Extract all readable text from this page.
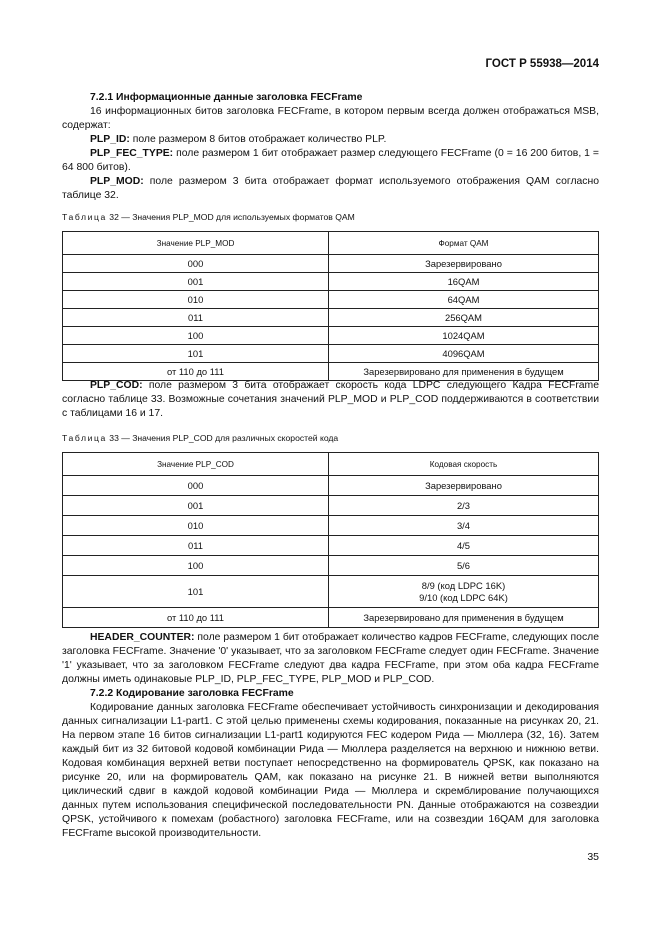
ГОСТ Р 55938—2014

7.2.1 Информационные данные заголовка FECFrame

16 информационных битов заголовка FECFrame, в котором первым всегда должен отображаться MSB, содержат:

PLP_ID: поле размером 8 битов отображает количество PLP.

PLP_FEC_TYPE: поле размером 1 бит отображает размер следующего FECFrame (0 = 16 200 битов, 1 = 64 800 битов).

PLP_MOD: поле размером 3 бита отображает формат используемого отображения QAM согласно таблице 32.

Таблица 32 — Значения PLP_MOD для используемых форматов QAM
Значение PLP_MOD	Формат QAM
000	Зарезервировано
001	16QAM
010	64QAM
011	256QAM
100	1024QAM
101	4096QAM
от 110 до 111	Зарезервировано для применения в будущем

PLP_COD: поле размером 3 бита отображает скорость кода LDPC следующего Кадра FECFrame согласно таблице 33. Возможные сочетания значений PLP_MOD и PLP_COD поддерживаются в соответствии с таблицами 16 и 17.

Таблица 33 — Значения PLP_COD для различных скоростей кода
Значение PLP_COD	Кодовая скорость
000	Зарезервировано
001	2/3
010	3/4
011	4/5
100	5/6
101	8/9 (код LDPC 16K)
9/10 (код LDPC 64K)

от 110 до 111	Зарезервировано для применения в будущем

HEADER_COUNTER: поле размером 1 бит отображает количество кадров FECFrame, следующих после заголовка FECFrame. Значение '0' указывает, что за заголовком FECFrame следует один FECFrame. Значение '1' указывает, что за заголовком FECFrame следуют два кадра FECFrame, при этом оба кадра FECFrame должны иметь одинаковые PLP_ID, PLP_FEC_TYPE, PLP_MOD и PLP_COD.

7.2.2 Кодирование заголовка FECFrame

Кодирование данных заголовка FECFrame обеспечивает устойчивость синхронизации и декодирования данных сигнализации L1-part1. С этой целью применены схемы кодирования, показанные на рисунках 20, 21. На первом этапе 16 битов сигнализации L1-part1 кодируются FEC кодером Рида — Мюллера (32, 16). Затем каждый бит из 32 битовой кодовой комбинации Рида — Мюллера разделяется на верхнюю и нижнюю ветви. Кодовая комбинация верхней ветви поступает непосредственно на формирователь QPSK, как показано на рисунке 20, или на формирователь QAM, как показано на рисунке 21. В нижней ветви выполняются циклический сдвиг в каждой кодовой комбинации Рида — Мюллера и скремблирование получающихся данных путем использования специфической последовательности PN. Данные отображаются на созвездии QPSK, устойчивого к помехам (робастного) заголовка FECFrame, или на созвездии 16QAM для заголовка FECFrame высокой производительности.

35
